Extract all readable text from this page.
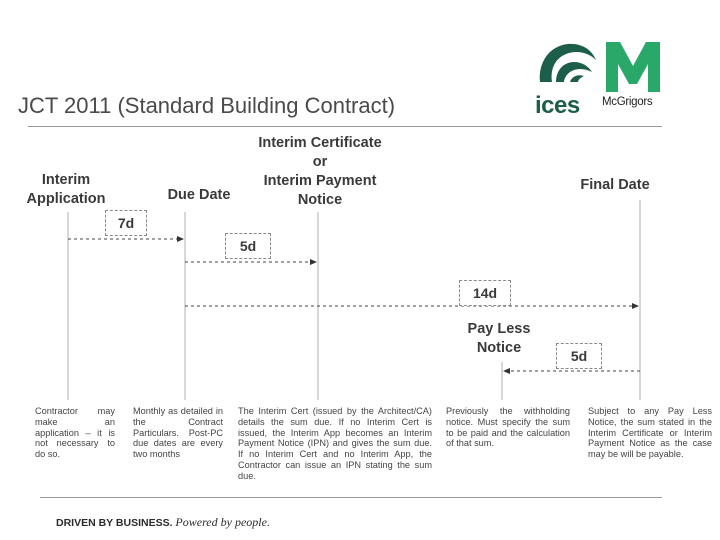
ices McGrigors
JCT 2011 (Standard Building Contract)
Interim
Application	Due Date
Interim Certificate
or
Interim Payment
Notice
Final Date
Pay Less
Notice
7d
5d
14d
5d
Contractor may make an application – it is not necessary to do so.
Monthly as detailed in the Contract Particulars. Post-PC due dates are every two months
The Interim Cert (issued by the Architect/CA) details the sum due. If no Interim Cert is issued, the Interim App becomes an Interim Payment Notice (IPN) and gives the sum due. If no Interim Cert and no Interim App, the Contractor can issue an IPN stating the sum due.
Previously the withholding notice. Must specify the sum to be paid and the calculation of that sum.
Subject to any Pay Less Notice, the sum stated in the Interim Certificate or Interim Payment Notice as the case may be will be payable.
DRIVEN BY BUSINESS. Powered by people.
